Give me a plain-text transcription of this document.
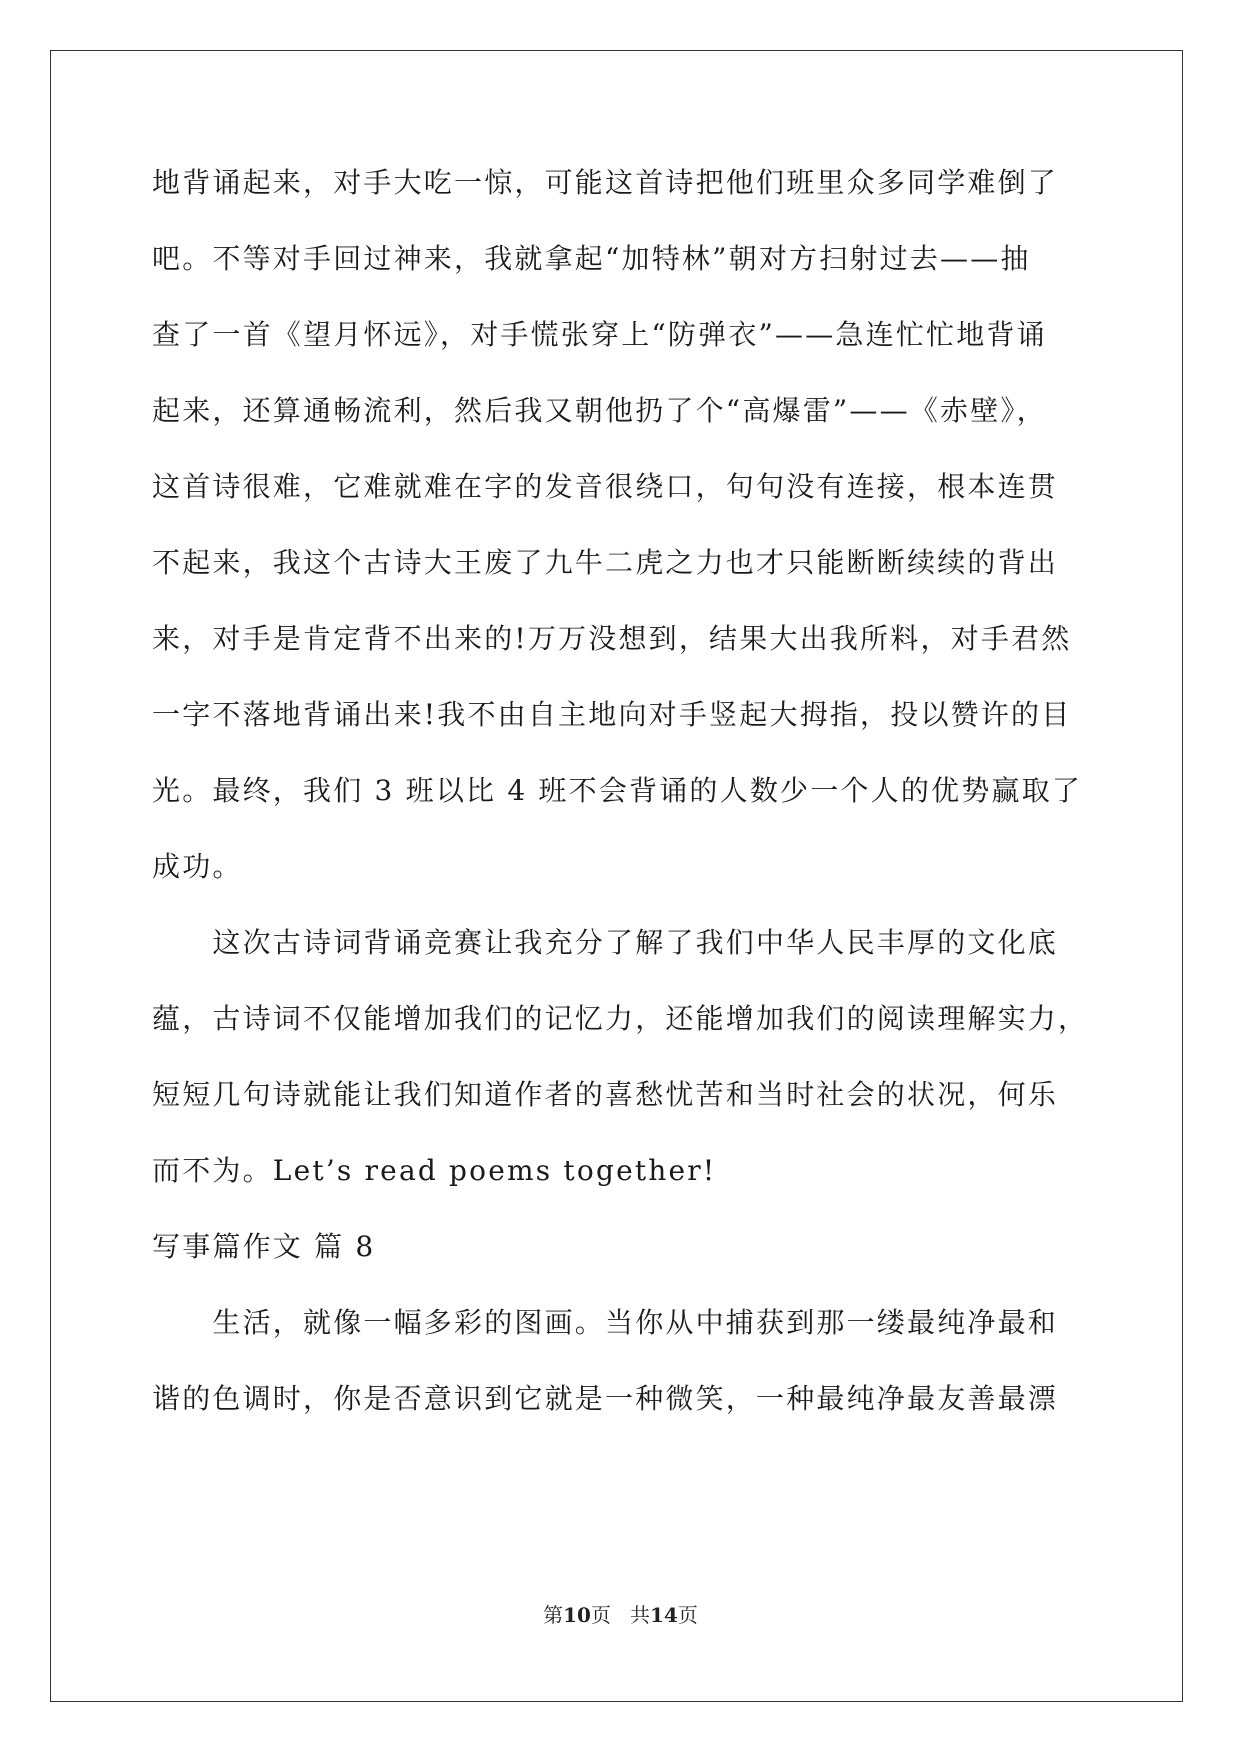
地背诵起来，对手大吃一惊，可能这首诗把他们班里众多同学难倒了
吧。不等对手回过神来，我就拿起“加特林”朝对方扫射过去——抽
查了一首《望月怀远》，对手慌张穿上“防弹衣”——急连忙忙地背诵
起来，还算通畅流利，然后我又朝他扔了个“高爆雷”——《赤壁》，
这首诗很难，它难就难在字的发音很绕口，句句没有连接，根本连贯
不起来，我这个古诗大王废了九牛二虎之力也才只能断断续续的背出
来，对手是肯定背不出来的!万万没想到，结果大出我所料，对手君然
一字不落地背诵出来!我不由自主地向对手竖起大拇指，投以赞许的目
光。最终，我们 3 班以比 4 班不会背诵的人数少一个人的优势赢取了
成功。
　　这次古诗词背诵竞赛让我充分了解了我们中华人民丰厚的文化底
蕴，古诗词不仅能增加我们的记忆力，还能增加我们的阅读理解实力，
短短几句诗就能让我们知道作者的喜愁忧苦和当时社会的状况，何乐
而不为。Let’s read poems together!
写事篇作文 篇 8
　　生活，就像一幅多彩的图画。当你从中捕获到那一缕最纯净最和
谐的色调时，你是否意识到它就是一种微笑，一种最纯净最友善最漂
第10页 共14页
